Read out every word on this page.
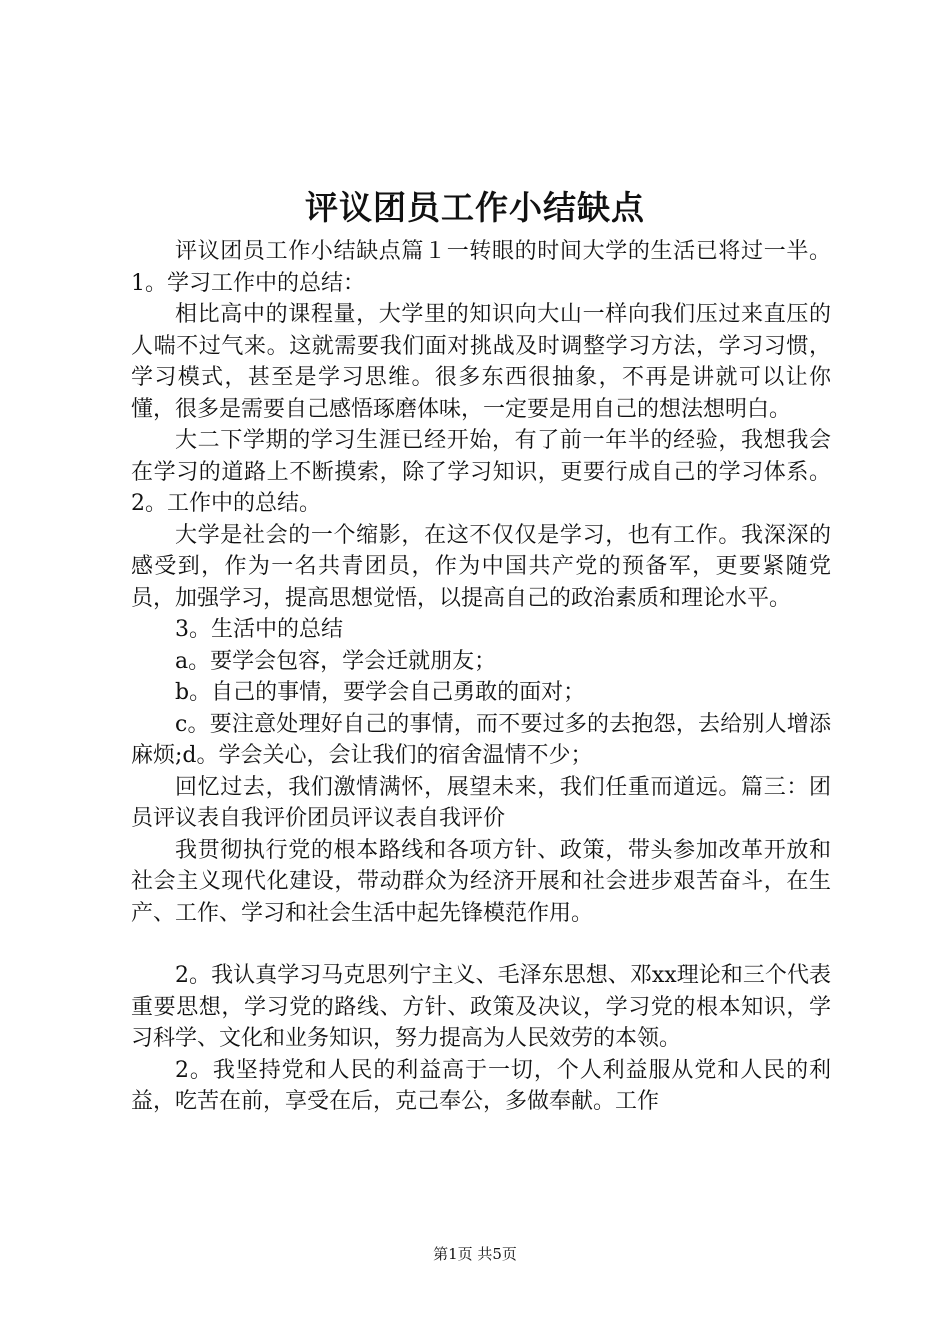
评议团员工作小结缺点

评议团员工作小结缺点篇１一转眼的时间大学的生活已将过一半。1。学习工作中的总结：

相比高中的课程量，大学里的知识向大山一样向我们压过来直压的人喘不过气来。这就需要我们面对挑战及时调整学习方法，学习习惯，学习模式，甚至是学习思维。很多东西很抽象，不再是讲就可以让你懂，很多是需要自己感悟琢磨体味，一定要是用自己的想法想明白。

大二下学期的学习生涯已经开始，有了前一年半的经验，我想我会在学习的道路上不断摸索，除了学习知识，更要行成自己的学习体系。2。工作中的总结。

大学是社会的一个缩影，在这不仅仅是学习，也有工作。我深深的感受到，作为一名共青团员，作为中国共产党的预备军，更要紧随党员，加强学习，提高思想觉悟，以提高自己的政治素质和理论水平。

3。生活中的总结

a。要学会包容，学会迁就朋友；

b。自己的事情，要学会自己勇敢的面对；

c。要注意处理好自己的事情，而不要过多的去抱怨，去给别人增添麻烦;d。学会关心，会让我们的宿舍温情不少；

回忆过去，我们激情满怀，展望未来，我们任重而道远。篇三：团员评议表自我评价团员评议表自我评价

我贯彻执行党的根本路线和各项方针、政策，带头参加改革开放和社会主义现代化建设，带动群众为经济开展和社会进步艰苦奋斗，在生产、工作、学习和社会生活中起先锋模范作用。

2。我认真学习马克思列宁主义、毛泽东思想、邓xx理论和三个代表重要思想，学习党的路线、方针、政策及决议，学习党的根本知识，学习科学、文化和业务知识，努力提高为人民效劳的本领。

2。我坚持党和人民的利益高于一切，个人利益服从党和人民的利益，吃苦在前，享受在后，克己奉公，多做奉献。工作

第1页 共5页
